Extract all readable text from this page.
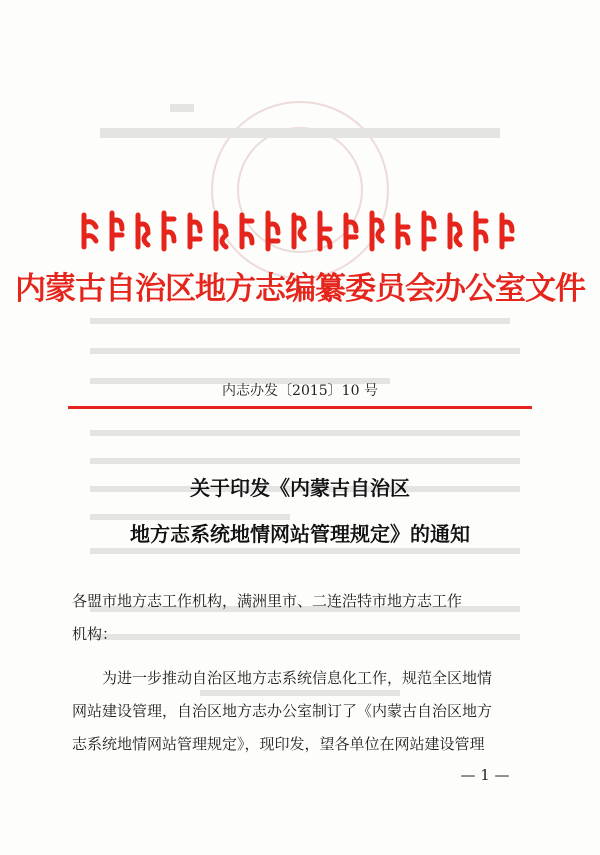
内蒙古自治区地方志编纂委员会办公室文件
内志办发〔2015〕10 号
关于印发《内蒙古自治区
地方志系统地情网站管理规定》的通知
各盟市地方志工作机构，满洲里市、二连浩特市地方志工作
机构：
为进一步推动自治区地方志系统信息化工作，规范全区地情
网站建设管理，自治区地方志办公室制订了《内蒙古自治区地方
志系统地情网站管理规定》，现印发，望各单位在网站建设管理
— 1 —
